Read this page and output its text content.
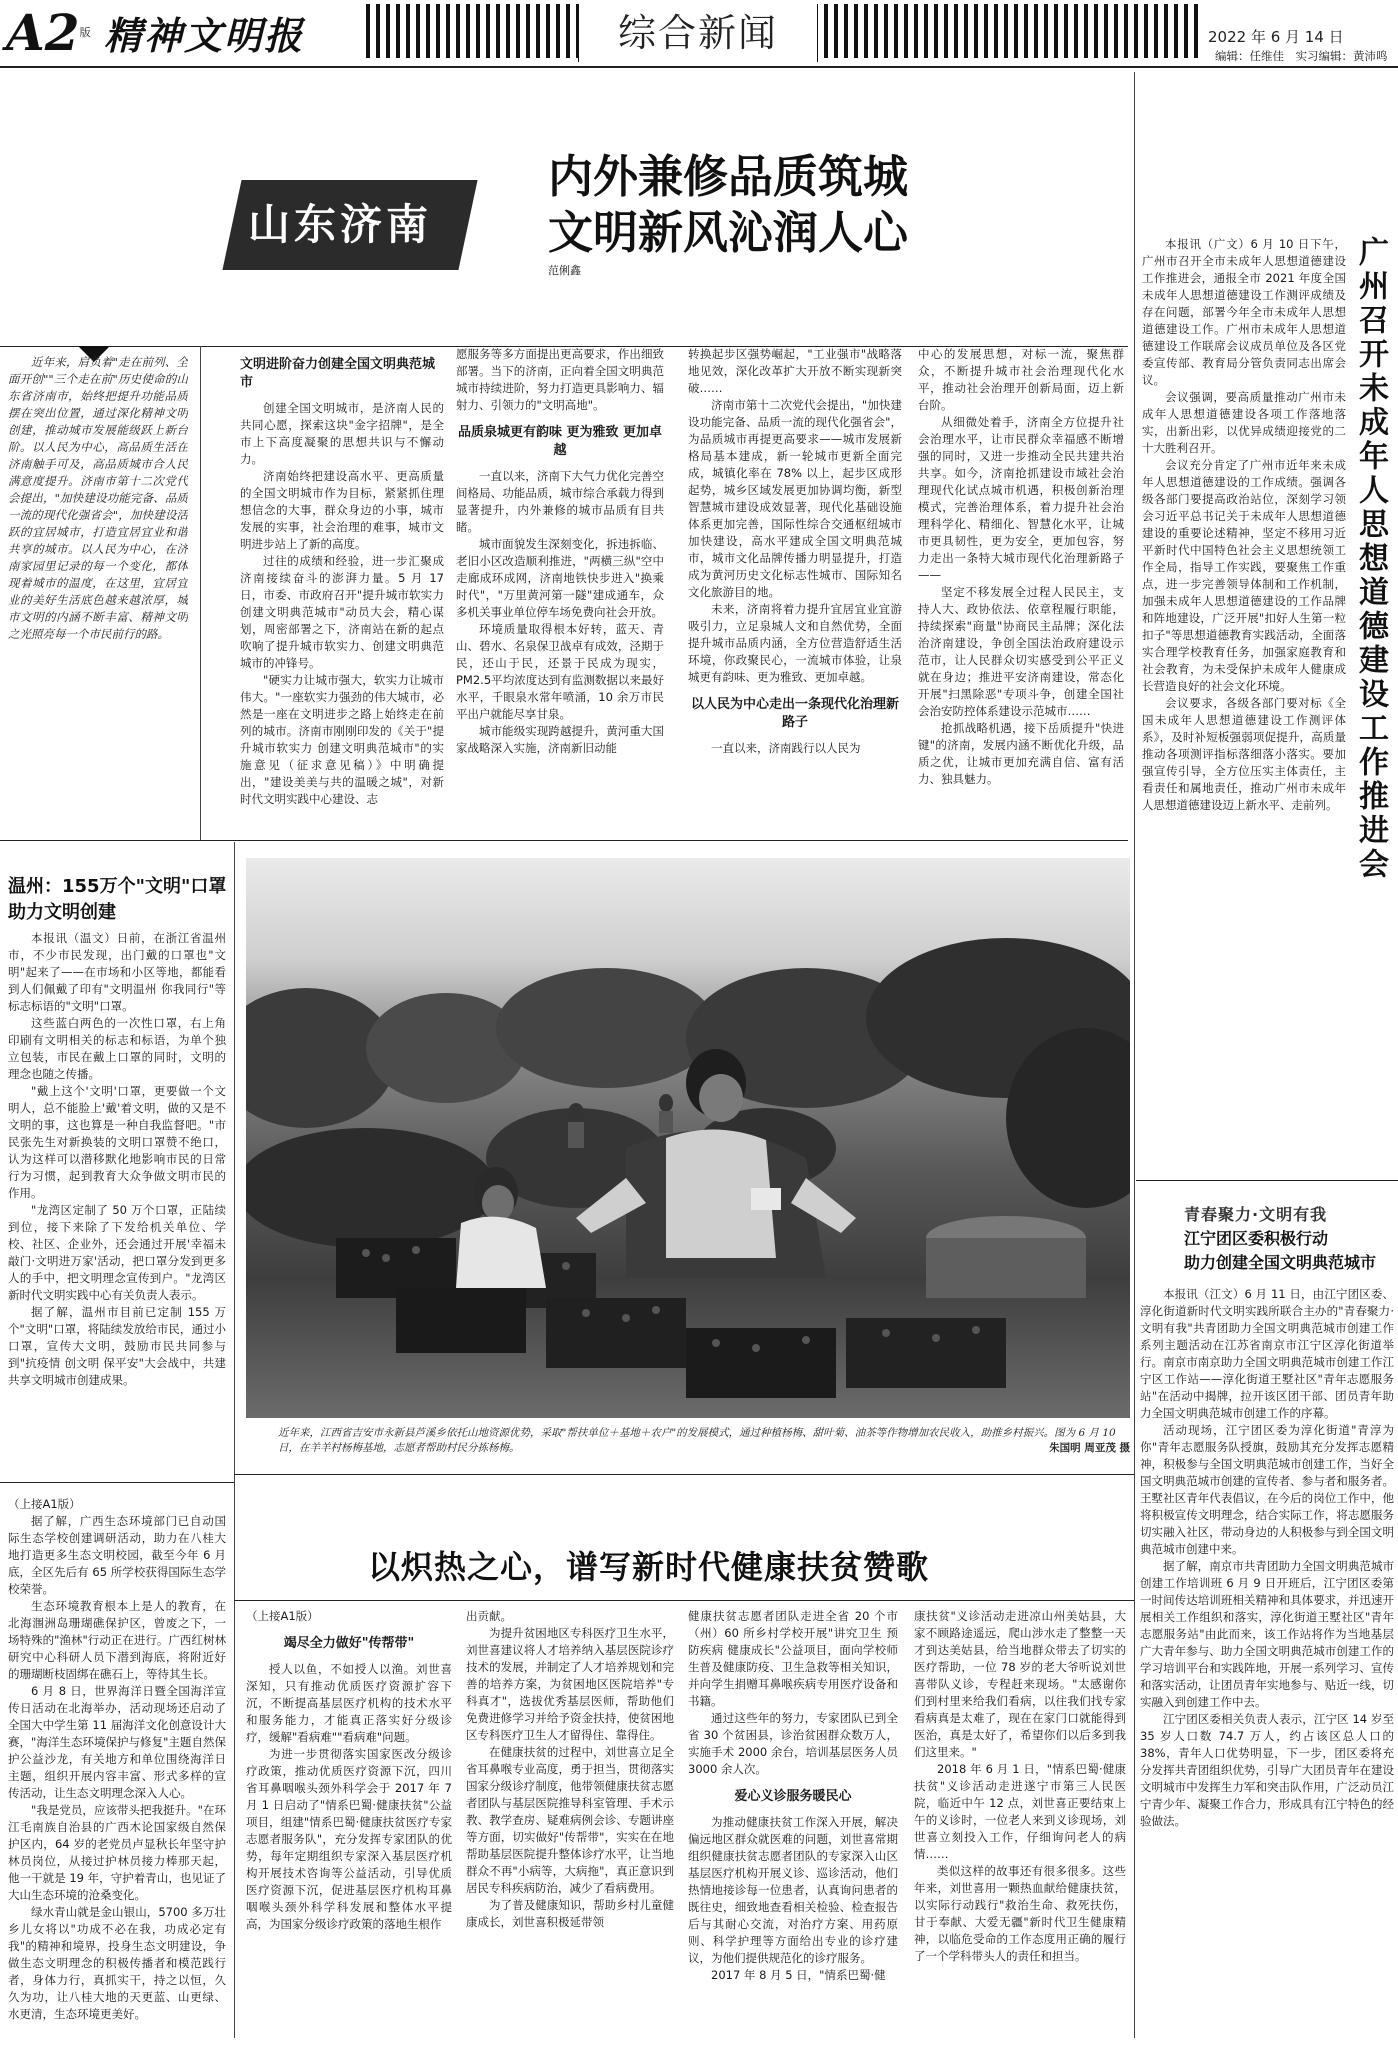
A2版 精神文明报	综合新闻	2022 年 6 月 14 日
编辑：任维佳　实习编辑：黄沛鸣
山东济南
内外兼修品质筑城
文明新风沁润人心
范俐鑫

近年来，肩负着"走在前列、全面开创""三个走在前"历史使命的山东省济南市，始终把提升功能品质摆在突出位置，通过深化精神文明创建，推动城市发展能级跃上新台阶。以人民为中心，高品质生活在济南触手可及，高品质城市合人民满意度提升。济南市第十二次党代会提出，"加快建设功能完备、品质一流的现代化强省会"，加快建设活跃的宜居城市，打造宜居宜业和谐共享的城市。以人民为中心，在济南家园里记录的每一个变化，都体现着城市的温度，在这里，宜居宜业的美好生活底色越来越浓厚，城市文明的内涵不断丰富、精神文明之光照亮每一个市民前行的路。

文明进阶奋力创建全国文明典范城市

创建全国文明城市，是济南人民的共同心愿，探索这块"金字招牌"，是全市上下高度凝聚的思想共识与不懈动力。

济南始终把建设高水平、更高质量的全国文明城市作为目标，紧紧抓住理想信念的大事，群众身边的小事，城市发展的实事，社会治理的难事，城市文明进步站上了新的高度。

过往的成绩和经验，进一步汇聚成济南接续奋斗的澎湃力量。5 月 17 日，市委、市政府召开"提升城市软实力 创建文明典范城市"动员大会，精心谋划，周密部署之下，济南站在新的起点吹响了提升城市软实力、创建文明典范城市的冲锋号。

"硬实力让城市强大，软实力让城市伟大。"一座软实力强劲的伟大城市，必然是一座在文明进步之路上始终走在前列的城市。济南市刚刚印发的《关于"提升城市软实力 创建文明典范城市"的实施意见（征求意见稿）》中明确提出，"建设美美与共的温暖之城"，对新时代文明实践中心建设、志

愿服务等多方面提出更高要求，作出细致部署。当下的济南，正向着全国文明典范城市持续进阶，努力打造更具影响力、辐射力、引领力的"文明高地"。

品质泉城更有韵味 更为雅致 更加卓越

一直以来，济南下大气力优化完善空间格局、功能品质，城市综合承载力得到显著提升，内外兼修的城市品质有目共睹。

城市面貌发生深刻变化，拆违拆临、老旧小区改造顺利推进，"两横三纵"空中走廊成环成网，济南地铁快步进入"换乘时代"，"万里黄河第一隧"建成通车，众多机关事业单位停车场免费向社会开放。

环境质量取得根本好转，蓝天、青山、碧水、名泉保卫战卓有成效，泾期于民，还山于民，还景于民成为现实，PM2.5平均浓度达到有监测数据以来最好水平，千眼泉水常年喷涌，10 余万市民平出户就能尽享甘泉。

城市能级实现跨越提升，黄河重大国家战略深入实施，济南新旧动能

转换起步区强势崛起，"工业强市"战略落地见效，深化改革扩大开放不断实现新突破……

济南市第十二次党代会提出，"加快建设功能完备、品质一流的现代化强省会"，为品质城市再提更高要求——城市发展新格局基本建成，新一轮城市更新全面完成，城镇化率在 78% 以上，起步区成形起势，城乡区域发展更加协调均衡，新型智慧城市建设成效显著，现代化基础设施体系更加完善，国际性综合交通枢纽城市加快建设，高水平建成全国文明典范城市，城市文化品牌传播力明显提升，打造成为黄河历史文化标志性城市、国际知名文化旅游目的地。

未来，济南将着力提升宜居宜业宜游吸引力，立足泉城人文和自然优势，全面提升城市品质内涵，全方位营造舒适生活环境，你政聚民心，一流城市体验，让泉城更有韵味、更为雅致、更加卓越。

以人民为中心走出一条现代化治理新路子

一直以来，济南践行以人民为

中心的发展思想，对标一流，聚焦群众，不断提升城市社会治理现代化水平，推动社会治理开创新局面，迈上新台阶。

从细微处着手，济南全方位提升社会治理水平，让市民群众幸福感不断增强的同时，又进一步推动全民共建共治共享。如今，济南抢抓建设市域社会治理现代化试点城市机遇，积极创新治理模式，完善治理体系，着力提升社会治理科学化、精细化、智慧化水平，让城市更具韧性，更为安全，更加包容，努力走出一条特大城市现代化治理新路子——

坚定不移发展全过程人民民主，支持人大、政协依法、依章程履行职能，持续探索"商量"协商民主品牌；深化法治济南建设，争创全国法治政府建设示范市，让人民群众切实感受到公平正义就在身边；推进平安济南建设，常态化开展"扫黑除恶"专项斗争，创建全国社会治安防控体系建设示范城市……

抢抓战略机遇，接下岳质提升"快进键"的济南，发展内涵不断优化升级，品质之优，让城市更加充满自信、富有活力、独具魅力。

本报讯（广文）6 月 10 日下午，广州市召开全市未成年人思想道德建设工作推进会，通报全市 2021 年度全国未成年人思想道德建设工作测评成绩及存在问题，部署今年全市未成年人思想道德建设工作。广州市未成年人思想道德建设工作联席会议成员单位及各区党委宣传部、教育局分管负责同志出席会议。

会议强调，要高质量推动广州市未成年人思想道德建设各项工作落地落实，出新出彩，以优异成绩迎接党的二十大胜利召开。

会议充分肯定了广州市近年来未成年人思想道德建设的工作成绩。强调各级各部门要提高政治站位，深刻学习领会习近平总书记关于未成年人思想道德建设的重要论述精神，坚定不移用习近平新时代中国特色社会主义思想统领工作全局，指导工作实践，要聚焦工作重点，进一步完善领导体制和工作机制，加强未成年人思想道德建设的工作品牌和阵地建设，广泛开展"扣好人生第一粒扣子"等思想道德教育实践活动，全面落实合理学校教育任务，加强家庭教育和社会教育，为未受保护未成年人健康成长营造良好的社会文化环境。

会议要求，各级各部门要对标《全国未成年人思想道德建设工作测评体系》，及时补短板强弱项促提升，高质量推动各项测评指标落细落小落实。要加强宣传引导，全方位压实主体责任，主看责任和属地责任，推动广州市未成年人思想道德建设迈上新水平、走前列。 广州召开未成年人思想道德建设工作推进会
青春聚力·文明有我
江宁团区委积极行动
助力创建全国文明典范城市

本报讯（江文）6 月 11 日，由江宁团区委、淳化街道新时代文明实践所联合主办的"青春聚力·文明有我"共青团助力全国文明典范城市创建工作系列主题活动在江苏省南京市江宁区淳化街道举行。南京市南京助力全国文明典范城市创建工作江宁区工作站——淳化街道王墅社区"青年志愿服务站"在活动中揭牌，拉开该区团干部、团员青年助力全国文明典范城市创建工作的序幕。

活动现场，江宁团区委为淳化街道"青淳为你"青年志愿服务队授旗，鼓励其充分发挥志愿精神，积极参与全国文明典范城市创建工作，当好全国文明典范城市创建的宣传者、参与者和服务者。王墅社区青年代表倡议，在今后的岗位工作中，他将积极宣传文明理念，结合实际工作，将志愿服务切实融入社区，带动身边的人积极参与到全国文明典范城市创建中来。

据了解，南京市共青团助力全国文明典范城市创建工作培训班 6 月 9 日开班后，江宁团区委第一时间传达培训班相关精神和具体要求，并迅速开展相关工作组织和落实，淳化街道王墅社区"青年志愿服务站"由此而来，该工作站将作为当地基层广大青年参与、助力全国文明典范城市创建工作的学习培训平台和实践阵地，开展一系列学习、宣传和落实活动，让团员青年实地参与、贴近一线，切实融入到创建工作中去。

江宁团区委相关负责人表示，江宁区 14 岁至 35 岁人口数 74.7 万人，约占该区总人口的 38%，青年人口优势明显，下一步，团区委将充分发挥共青团组织优势，引导广大团员青年在建设文明城市中发挥生力军和突击队作用，广泛动员江宁青少年、凝聚工作合力，形成具有江宁特色的经验做法。

温州：155万个"文明"口罩
助力文明创建

本报讯（温文）日前，在浙江省温州市，不少市民发现，出门戴的口罩也"文明"起来了——在市场和小区等地，都能看到人们佩戴了印有"文明温州 你我同行"等标志标语的"文明"口罩。

这些蓝白两色的一次性口罩，右上角印刷有文明相关的标志和标语，为单个独立包装，市民在戴上口罩的同时，文明的理念也随之传播。

"戴上这个'文明'口罩，更要做一个文明人，总不能脸上'戴'着文明，做的又是不文明的事，这也算是一种自我监督吧。"市民张先生对新换装的文明口罩赞不绝口，认为这样可以潜移默化地影响市民的日常行为习惯，起到教育大众争做文明市民的作用。

"龙湾区定制了 50 万个口罩，正陆续到位，接下来除了下发给机关单位、学校、社区、企业外，还会通过开展'幸福未敲门·文明进万家'活动，把口罩分发到更多人的手中，把文明理念宣传到户。"龙湾区新时代文明实践中心有关负责人表示。

据了解，温州市目前已定制 155 万个"文明"口罩，将陆续发放给市民，通过小口罩，宣传大文明，鼓励市民共同参与到"抗疫情 创文明 保平安"大会战中，共建共享文明城市创建成果。

（上接A1版）

据了解，广西生态环境部门已自动国际生态学校创建调研活动，助力在八桂大地打造更多生态文明校园，截至今年 6 月底，全区先后有 65 所学校获得国际生态学校荣誉。

生态环境教育根本上是人的教育，在北海涠洲岛珊瑚礁保护区，曾废之下，一场特殊的"渔林"行动正在进行。广西红树林研究中心科研人员下潜到海底，将附近好的珊瑚断枝固绑在礁石上，等待其生长。

6 月 8 日，世界海洋日暨全国海洋宣传日活动在北海举办，活动现场还启动了全国大中学生第 11 届海洋文化创意设计大赛，"海洋生态环境保护与修复"主题自然保护公益沙龙，有关地方和单位围绕海洋日主题，组织开展内容丰富、形式多样的宣传活动，让生态文明理念深入人心。

"我是党员，应该带头把我挺升。"在环江毛南族自治县的广西木论国家级自然保护区内，64 岁的老党员卢显秋长年坚守护林员岗位，从接过护林员接力棒那天起，他一干就是 19 年，守护着青山，也见证了大山生态环境的沧桑变化。

绿水青山就是金山银山，5700 多万壮乡儿女将以"功成不必在我，功成必定有我"的精神和境界，投身生态文明建设，争做生态文明理念的积极传播者和模范践行者，身体力行，真抓实干，持之以恒，久久为功，让八桂大地的天更蓝、山更绿、水更清，生态环境更美好。

近年来，江西省吉安市永新县芦溪乡依托山地资源优势，采取"帮扶单位＋基地＋农户"的发展模式，通过种植杨梅、甜叶菊、油茶等作物增加农民收入，助推乡村振兴。图为 6 月 10 日，在羊羊村杨梅基地，志愿者帮助村民分拣杨梅。	朱国明 周亚茂 摄
以炽热之心，谱写新时代健康扶贫赞歌
（上接A1版）
竭尽全力做好"传帮带"

授人以鱼，不如授人以渔。刘世喜深知，只有推动优质医疗资源扩容下沉，不断提高基层医疗机构的技术水平和服务能力，才能真正落实好分级诊疗，缓解"看病难""看病难"问题。

为进一步贯彻落实国家医改分级诊疗政策，推动优质医疗资源下沉，四川省耳鼻咽喉头颈外科学会于 2017 年 7 月 1 日启动了"情系巴蜀·健康扶贫"公益项目，组建"情系巴蜀·健康扶贫医疗专家志愿者服务队"，充分发挥专家团队的优势，每年定期组织专家深入基层医疗机构开展技术咨询等公益活动，引导优质医疗资源下沉，促进基层医疗机构耳鼻咽喉头颈外科学科发展和整体水平提高，为国家分级诊疗政策的落地生根作

出贡献。

为提升贫困地区专科医疗卫生水平，刘世喜建议将人才培养纳入基层医院诊疗技术的发展，并制定了人才培养规划和完善的培养方案，为贫困地区医院培养"专科真才"，选拔优秀基层医师，帮助他们免费进修学习并给予资金扶持，使贫困地区专科医疗卫生人才留得住、靠得住。

在健康扶贫的过程中，刘世喜立足全省耳鼻喉专业高度，勇于担当，贯彻落实国家分级诊疗制度，他带领健康扶贫志愿者团队与基层医院推导科室管理、手术示教、教学查房、疑难病例会诊、专题讲座等方面，切实做好"传帮带"，实实在在地帮助基层医院提升整体诊疗水平，让当地群众不再"小病等，大病拖"，真正意识到居民专科疾病防治，减少了看病费用。

为了普及健康知识，帮助乡村儿童健康成长，刘世喜积极延带领

健康扶贫志愿者团队走进全省 20 个市（州）60 所乡村学校开展"讲究卫生 预防疾病 健康成长"公益项目，面向学校师生普及健康防疫、卫生急救等相关知识，并向学生捐赠耳鼻喉疾病专用医疗设备和书籍。

通过这些年的努力，专家团队已到全省 30 个贫困县，诊治贫困群众数万人，实施手术 2000 余台，培训基层医务人员 3000 余人次。

爱心义诊服务暖民心

为推动健康扶贫工作深入开展，解决偏远地区群众就医难的问题，刘世喜常期组织健康扶贫志愿者团队的专家深入山区基层医疗机构开展义诊、巡诊活动，他们热情地接诊每一位患者，认真询问患者的既往史，细致地查看相关检验、检查报告后与其耐心交流，对治疗方案、用药原则、科学护理等方面给出专业的诊疗建议，为他们提供规范化的诊疗服务。

2017 年 8 月 5 日，"情系巴蜀·健

康扶贫"义诊活动走进凉山州美姑县，大家不顾路途遥远，爬山涉水走了整整一天才到达美姑县，给当地群众带去了切实的医疗帮助，一位 78 岁的老大爷听说刘世喜带队义诊，专程赶来现场。"太感谢你们到村里来给我们看病，以往我们找专家看病真是太难了，现在在家门口就能得到医治，真是太好了，希望你们以后多到我们这里来。"

2018 年 6 月 1 日，"情系巴蜀·健康扶贫"义诊活动走进遂宁市第三人民医院，临近中午 12 点，刘世喜正要结束上午的义诊时，一位老人来到义诊现场，刘世喜立刻投入工作，仔细询问老人的病情……

类似这样的故事还有很多很多。这些年来，刘世喜用一颗热血献给健康扶贫，以实际行动践行"救治生命、救死扶伤，甘于奉献、大爱无疆"新时代卫生健康精神，以临危受命的工作态度用正确的履行了一个学科带头人的责任和担当。
